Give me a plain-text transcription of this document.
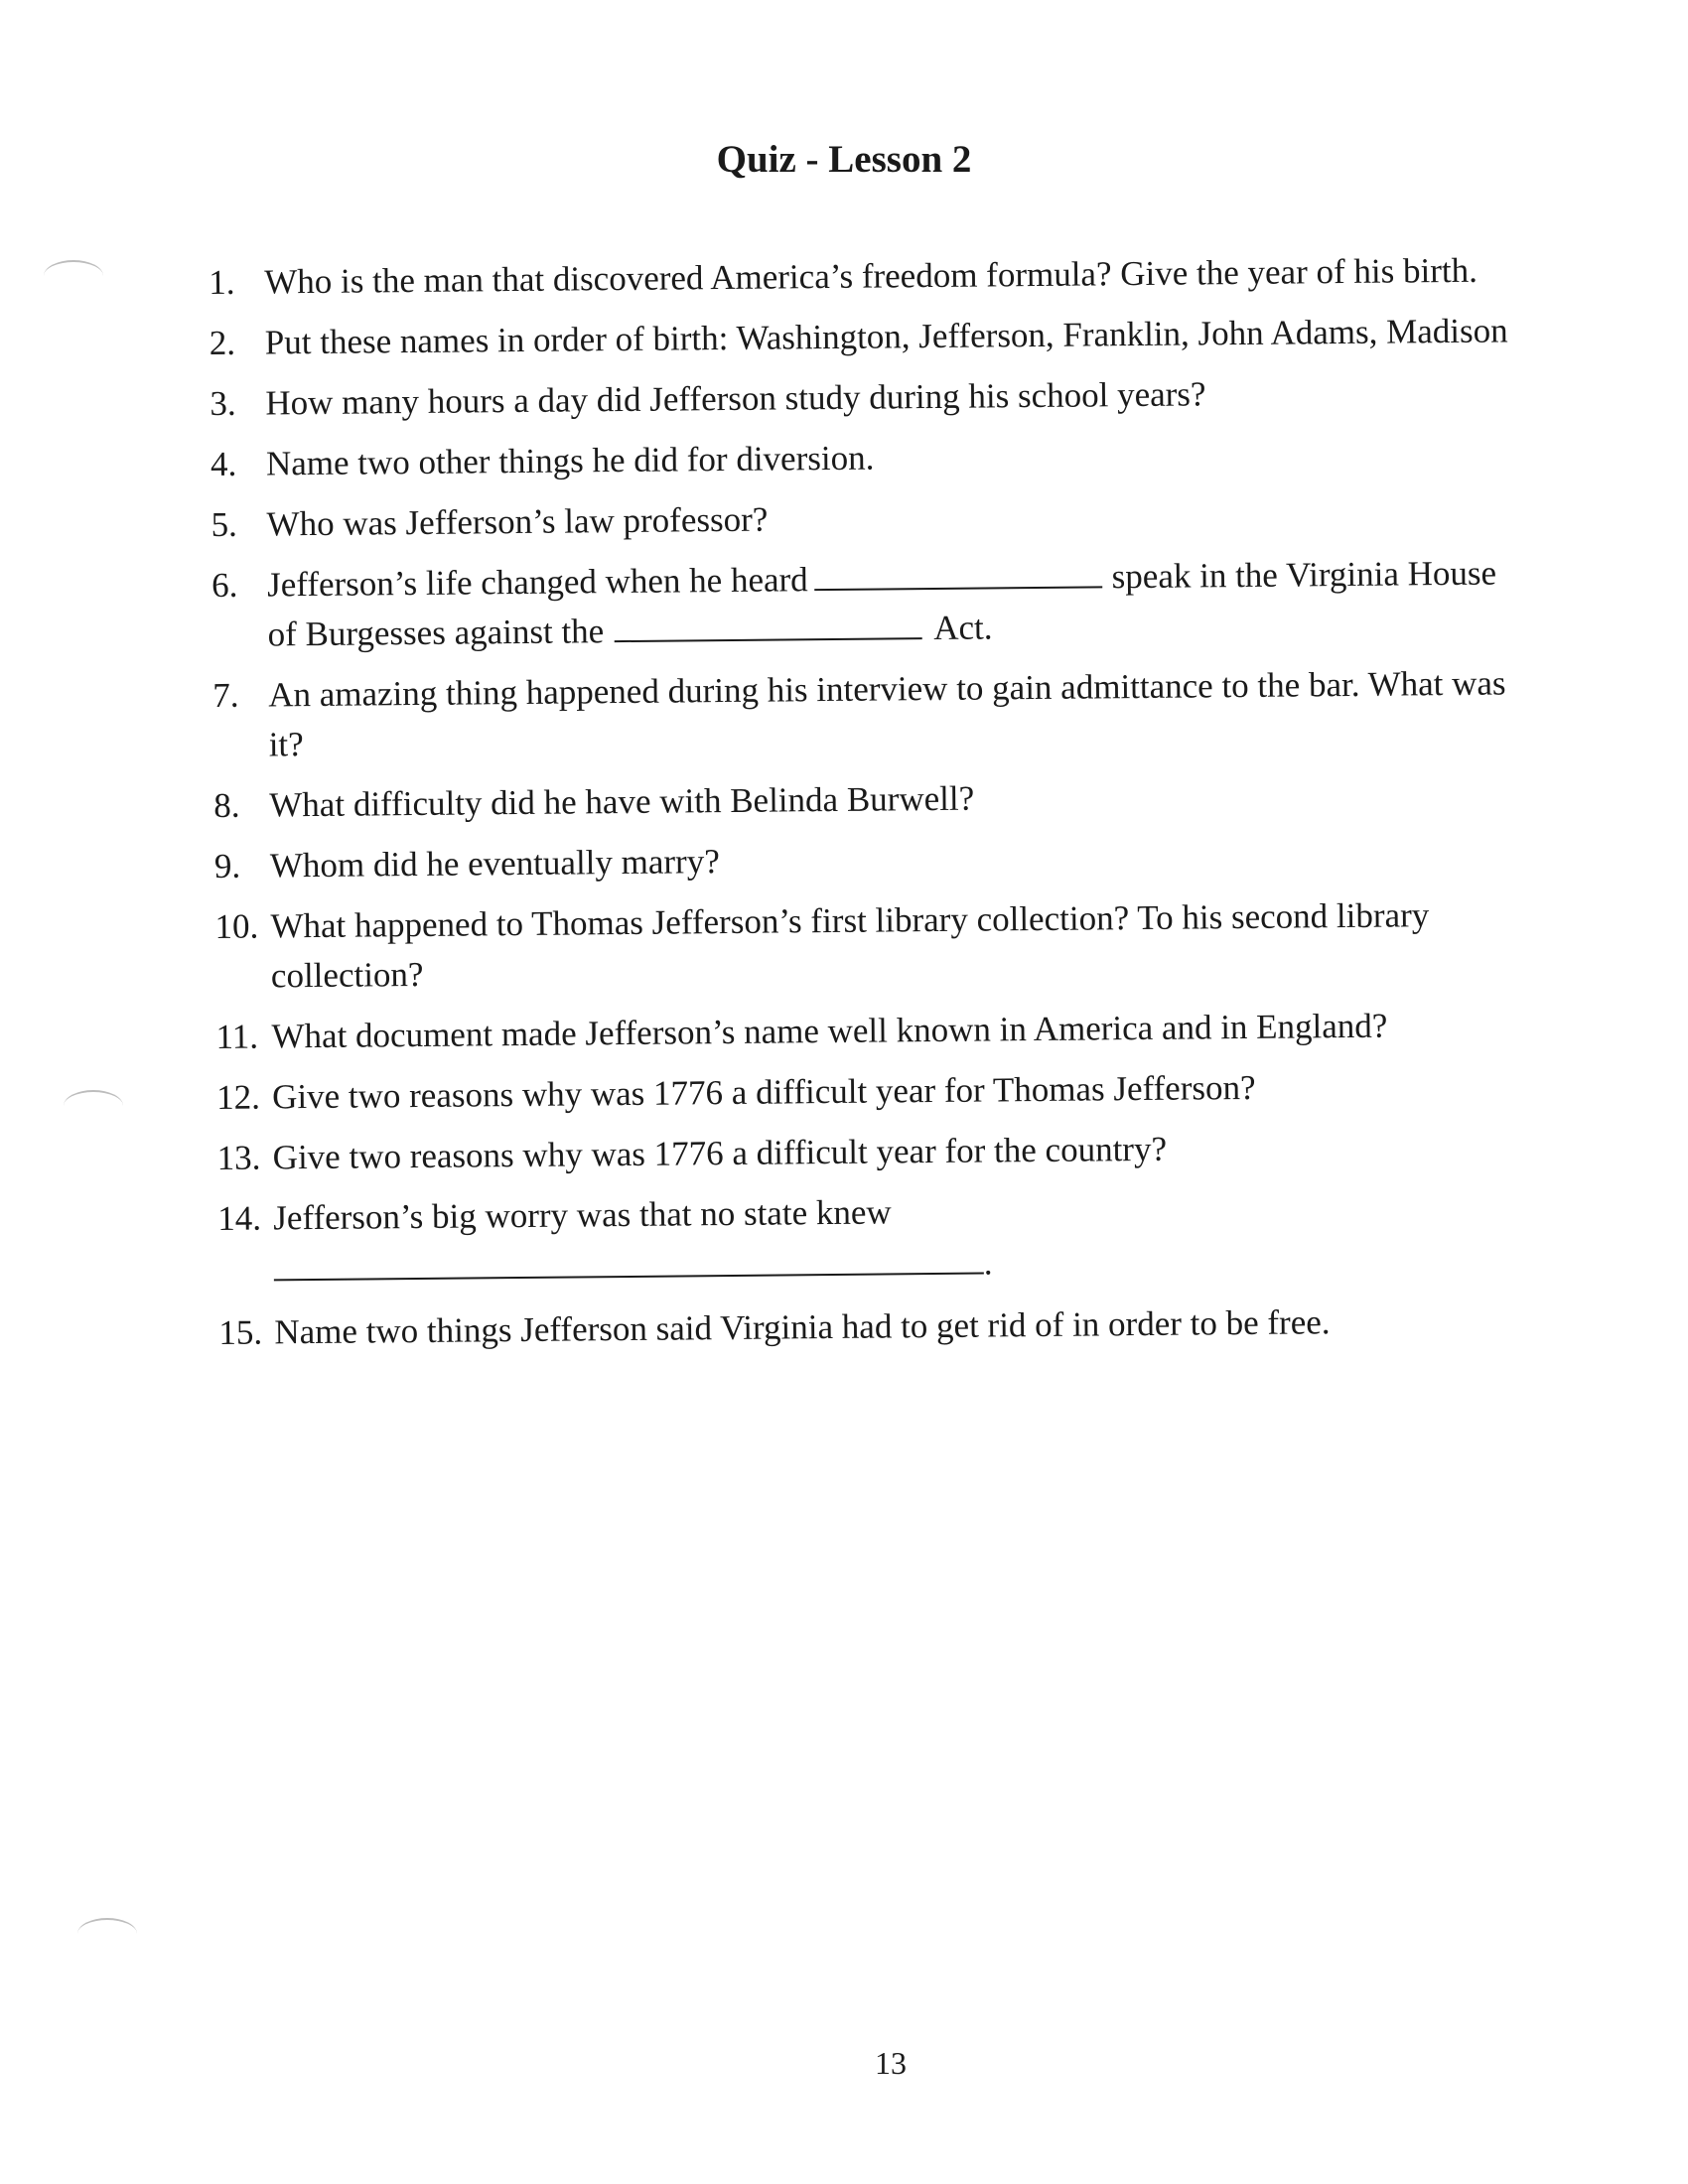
Quiz - Lesson 2
1. Who is the man that discovered America’s freedom formula? Give the year of his birth.
2. Put these names in order of birth: Washington, Jefferson, Franklin, John Adams, Madison
3. How many hours a day did Jefferson study during his school years?
4. Name two other things he did for diversion.
5. Who was Jefferson’s law professor?
6. Jefferson’s life changed when he heard	speak in the Virginia House of Burgesses against the	Act.
7. An amazing thing happened during his interview to gain admittance to the bar. What was it?
8. What difficulty did he have with Belinda Burwell?
9. Whom did he eventually marry?
10. What happened to Thomas Jefferson’s first library collection? To his second library collection?
11. What document made Jefferson’s name well known in America and in England?
12. Give two reasons why was 1776 a difficult year for Thomas Jefferson?
13. Give two reasons why was 1776 a difficult year for the country?
14. Jefferson’s big worry was that no state knew
.
15. Name two things Jefferson said Virginia had to get rid of in order to be free.
13
